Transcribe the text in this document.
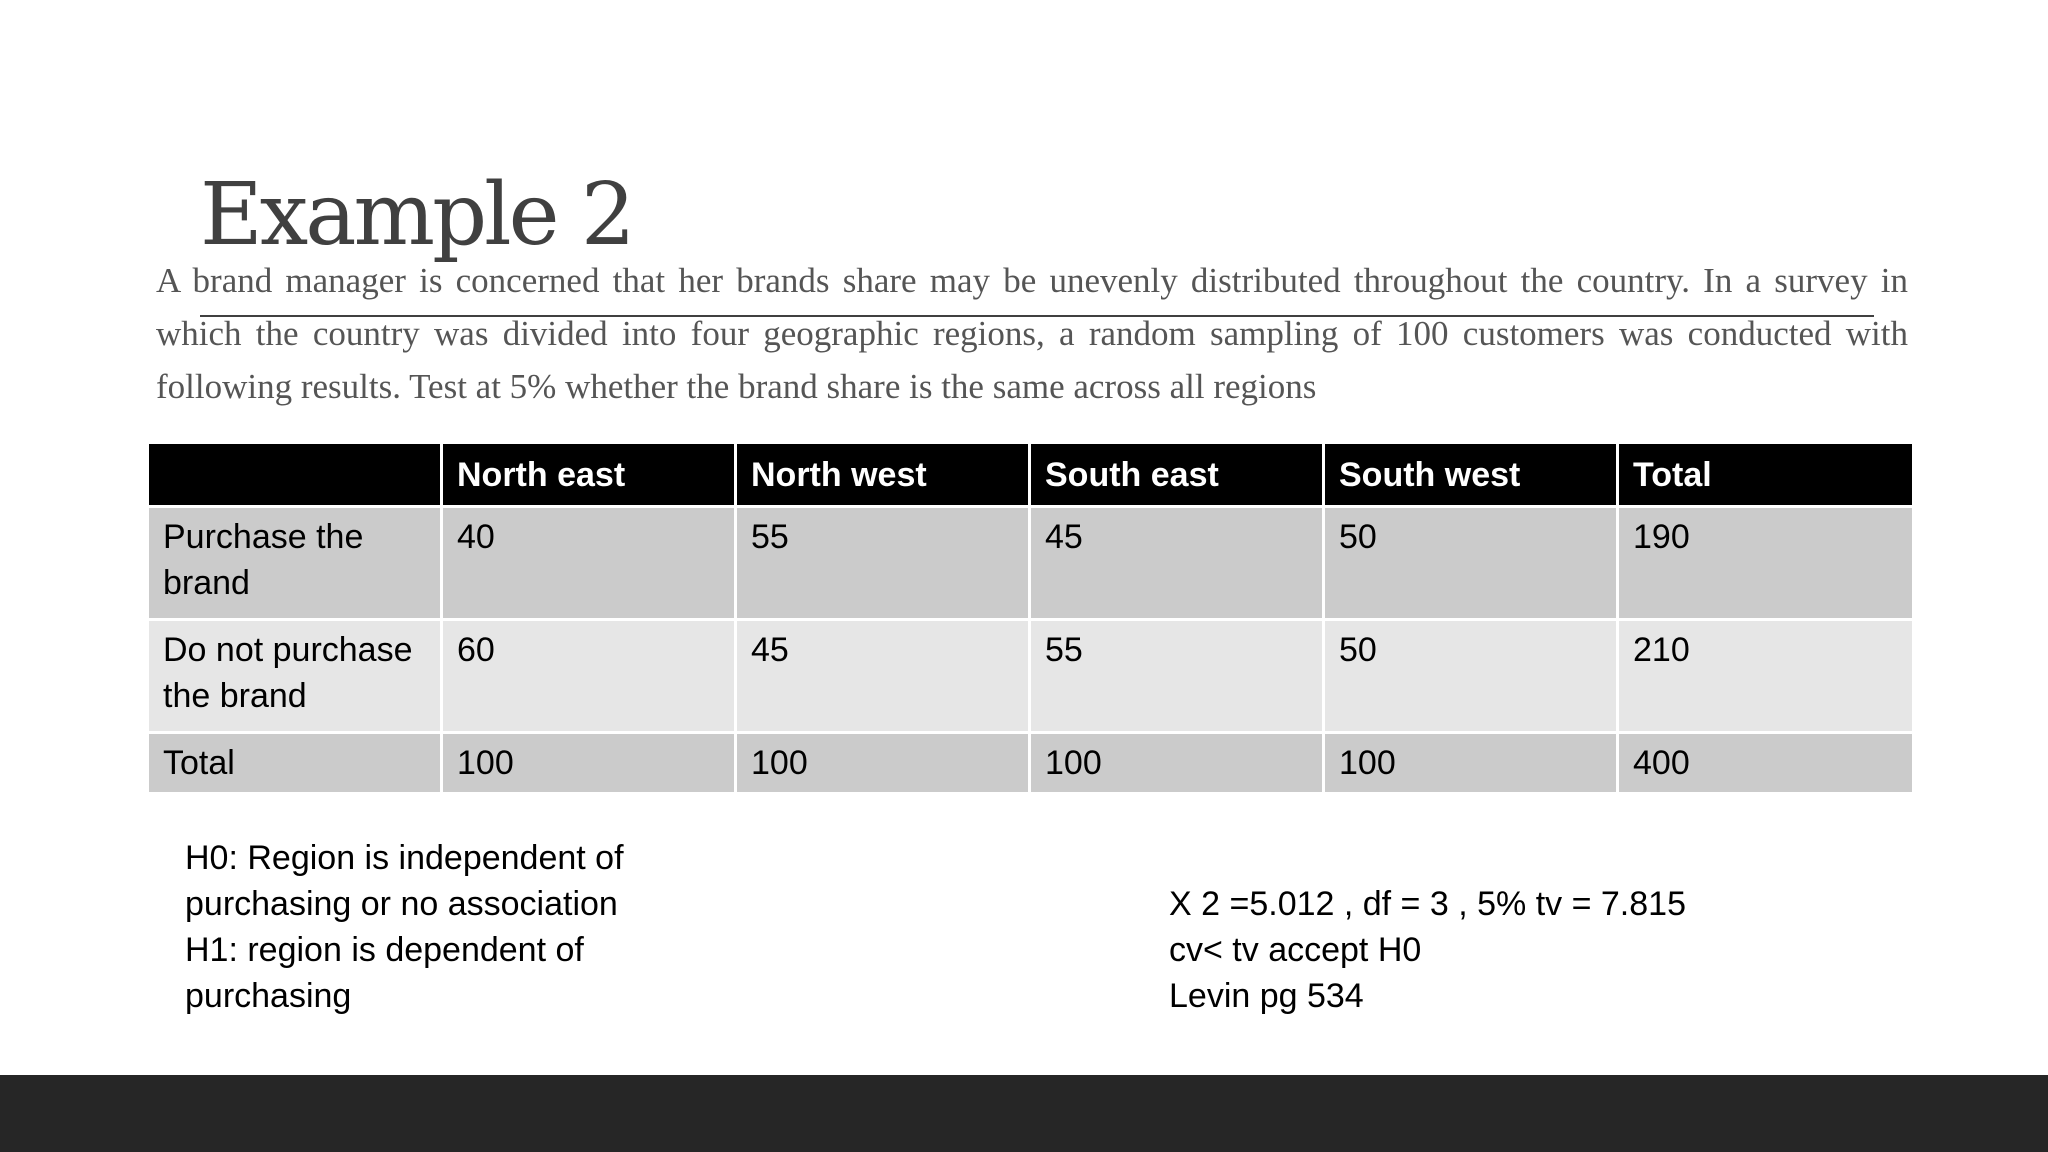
Example 2

A brand manager is concerned that her brands share may be unevenly distributed throughout the country. In a survey in which the country was divided into four geographic regions, a random sampling of 100 customers was conducted with following results. Test at 5% whether the brand share is the same across all regions

	North east	North west	South east	South west	Total
Purchase the brand	40	55	45	50	190
Do not purchase the brand	60	45	55	50	210
Total	100	100	100	100	400
H0: Region is independent of purchasing or no association
H1: region is dependent of purchasing
X 2 =5.012 , df = 3 , 5% tv = 7.815
cv< tv accept H0
Levin pg 534
